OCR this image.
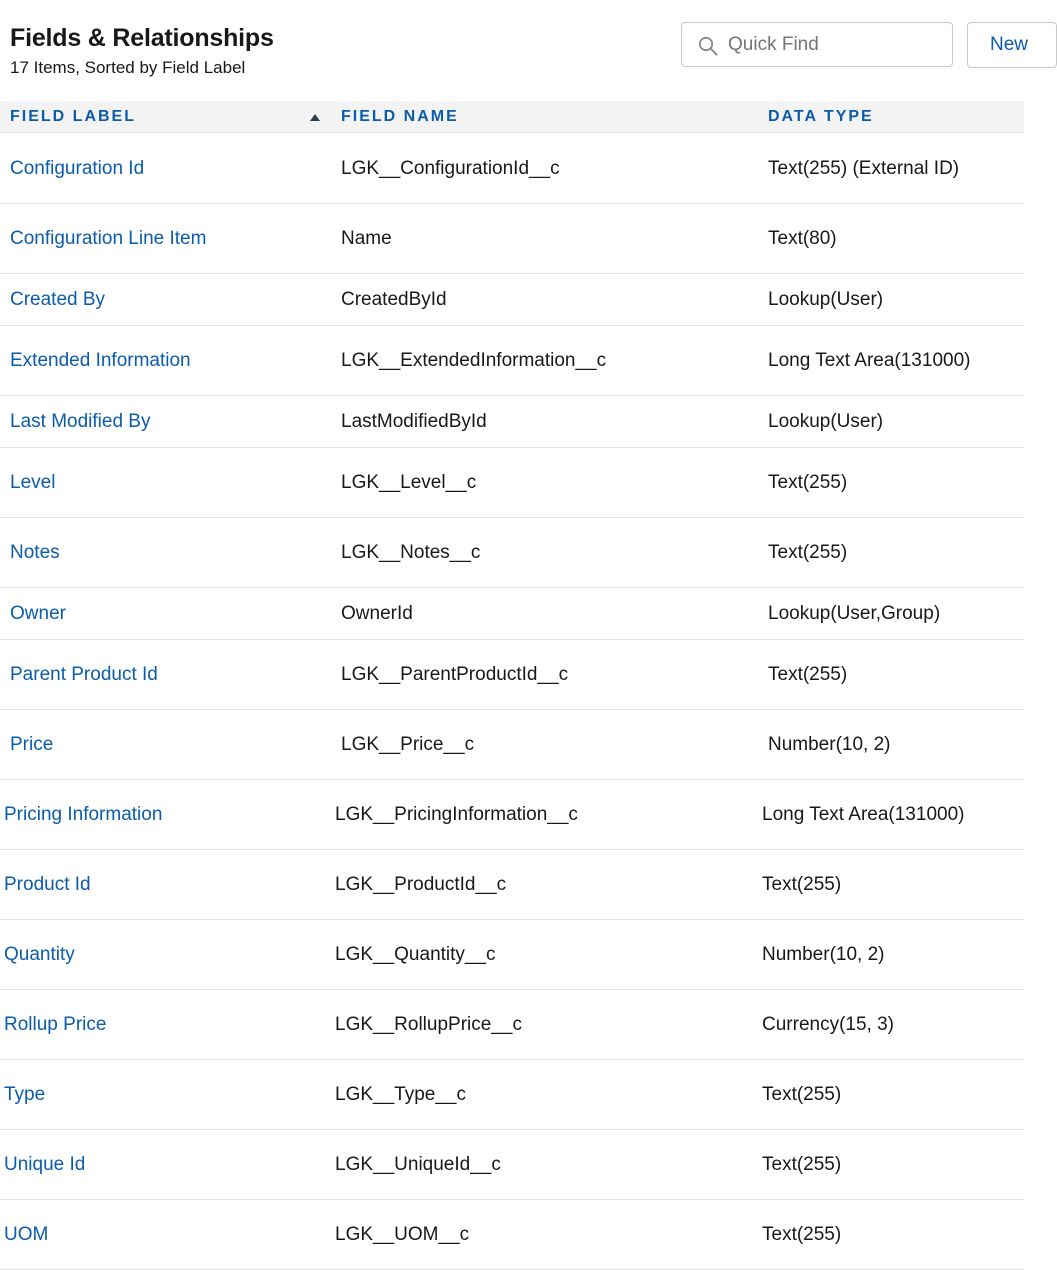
Fields & Relationships
17 Items, Sorted by Field Label
Quick Find
New
FIELD LABEL	FIELD NAME	DATA TYPE
Configuration Id	LGK__ConfigurationId__c	Text(255) (External ID)
Configuration Line Item	Name	Text(80)
Created By	CreatedById	Lookup(User)
Extended Information	LGK__ExtendedInformation__c	Long Text Area(131000)
Last Modified By	LastModifiedById	Lookup(User)
Level	LGK__Level__c	Text(255)
Notes	LGK__Notes__c	Text(255)
Owner	OwnerId	Lookup(User,Group)
Parent Product Id	LGK__ParentProductId__c	Text(255)
Price	LGK__Price__c	Number(10, 2)
Pricing Information	LGK__PricingInformation__c	Long Text Area(131000)
Product Id	LGK__ProductId__c	Text(255)
Quantity	LGK__Quantity__c	Number(10, 2)
Rollup Price	LGK__RollupPrice__c	Currency(15, 3)
Type	LGK__Type__c	Text(255)
Unique Id	LGK__UniqueId__c	Text(255)
UOM	LGK__UOM__c	Text(255)
